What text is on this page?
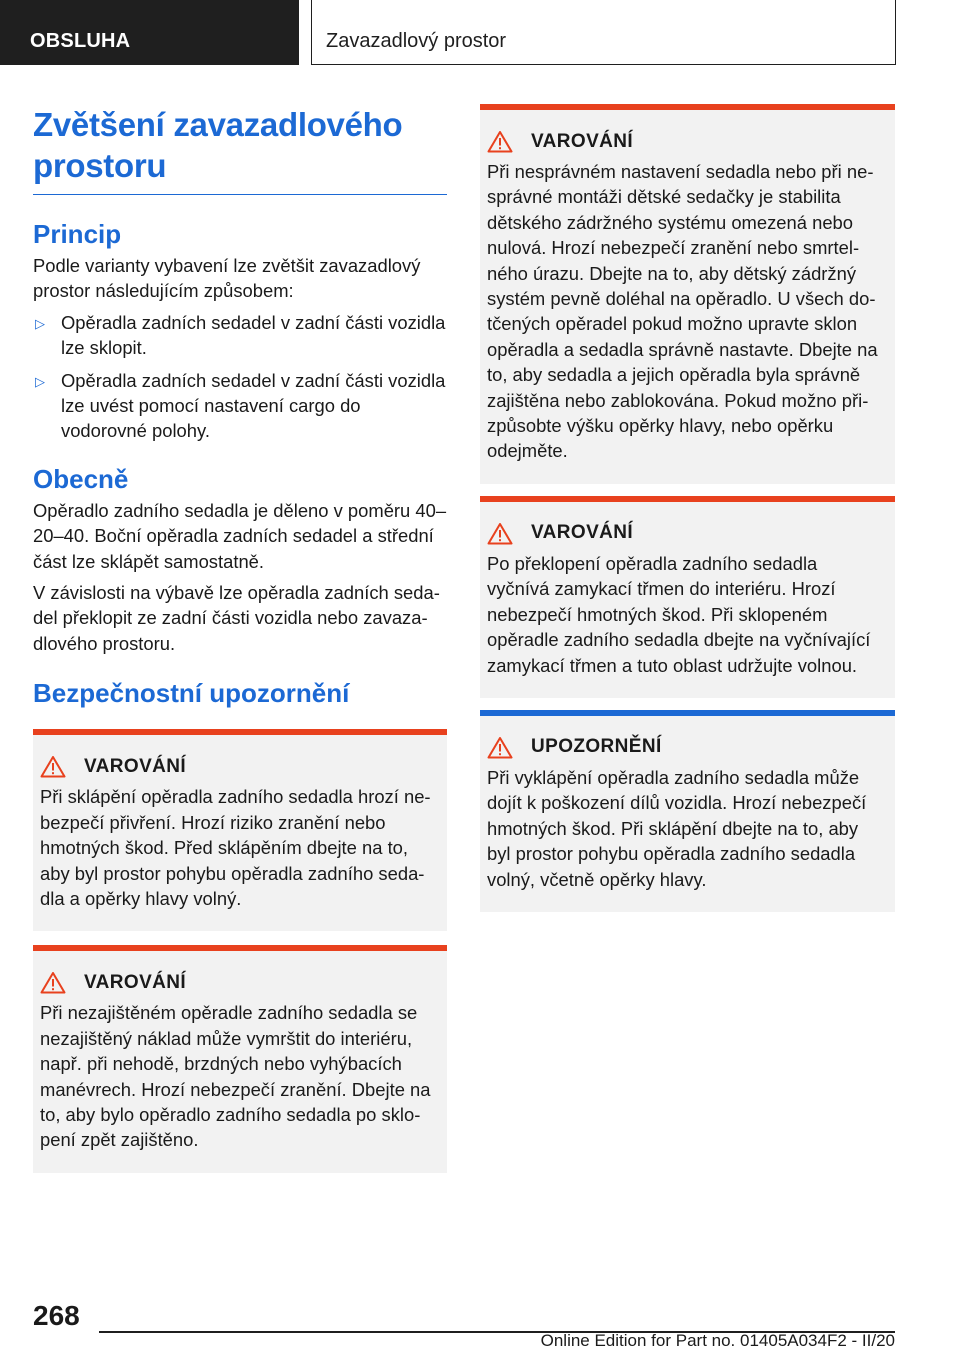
OBSLUHA	Zavazadlový prostor
Zvětšení zavazadlového prostoru
Princip

Podle varianty vybavení lze zvětšit zavazadlový prostor následujícím způsobem:

▷ Opěradla zadních sedadel v zadní části vozidla lze sklopit.
▷ Opěradla zadních sedadel v zadní části vozidla lze uvést pomocí nastavení cargo do vodorovné polohy.
Obecně

Opěradlo zadního sedadla je děleno v poměru 40–20–40. Boční opěradla zadních sedadel a střední část lze sklápět samostatně.

V závislosti na výbavě lze opěradla zadních sedadel překlopit ze zadní části vozidla nebo zavazadlového prostoru.

Bezpečnostní upozornění
VAROVÁNÍ

Při sklápění opěradla zadního sedadla hrozí nebezpečí přivření. Hrozí riziko zranění nebo hmotných škod. Před sklápěním dbejte na to, aby byl prostor pohybu opěradla zadního sedadla a opěrky hlavy volný.

VAROVÁNÍ

Při nezajištěném opěradle zadního sedadla se nezajištěný náklad může vymrštit do interiéru, např. při nehodě, brzdných nebo vyhýbacích manévrech. Hrozí nebezpečí zranění. Dbejte na to, aby bylo opěradlo zadního sedadla po sklopení zpět zajištěno.

VAROVÁNÍ

Při nesprávném nastavení sedadla nebo při nesprávné montáži dětské sedačky je stabilita dětského zádržného systému omezená nebo nulová. Hrozí nebezpečí zranění nebo smrtelného úrazu. Dbejte na to, aby dětský zádržný systém pevně doléhal na opěradlo. U všech dotčených opěradel pokud možno upravte sklon opěradla a sedadla správně nastavte. Dbejte na to, aby sedadla a jejich opěradla byla správně zajištěna nebo zablokována. Pokud možno přizpůsobte výšku opěrky hlavy, nebo opěrku odejměte.

VAROVÁNÍ

Po překlopení opěradla zadního sedadla vyčnívá zamykací třmen do interiéru. Hrozí nebezpečí hmotných škod. Při sklopeném opěradle zadního sedadla dbejte na vyčnívající zamykací třmen a tuto oblast udržujte volnou.

UPOZORNĚNÍ

Při vyklápění opěradla zadního sedadla může dojít k poškození dílů vozidla. Hrozí nebezpečí hmotných škod. Při sklápění dbejte na to, aby byl prostor pohybu opěradla zadního sedadla volný, včetně opěrky hlavy.

268
Online Edition for Part no. 01405A034F2 - II/20
